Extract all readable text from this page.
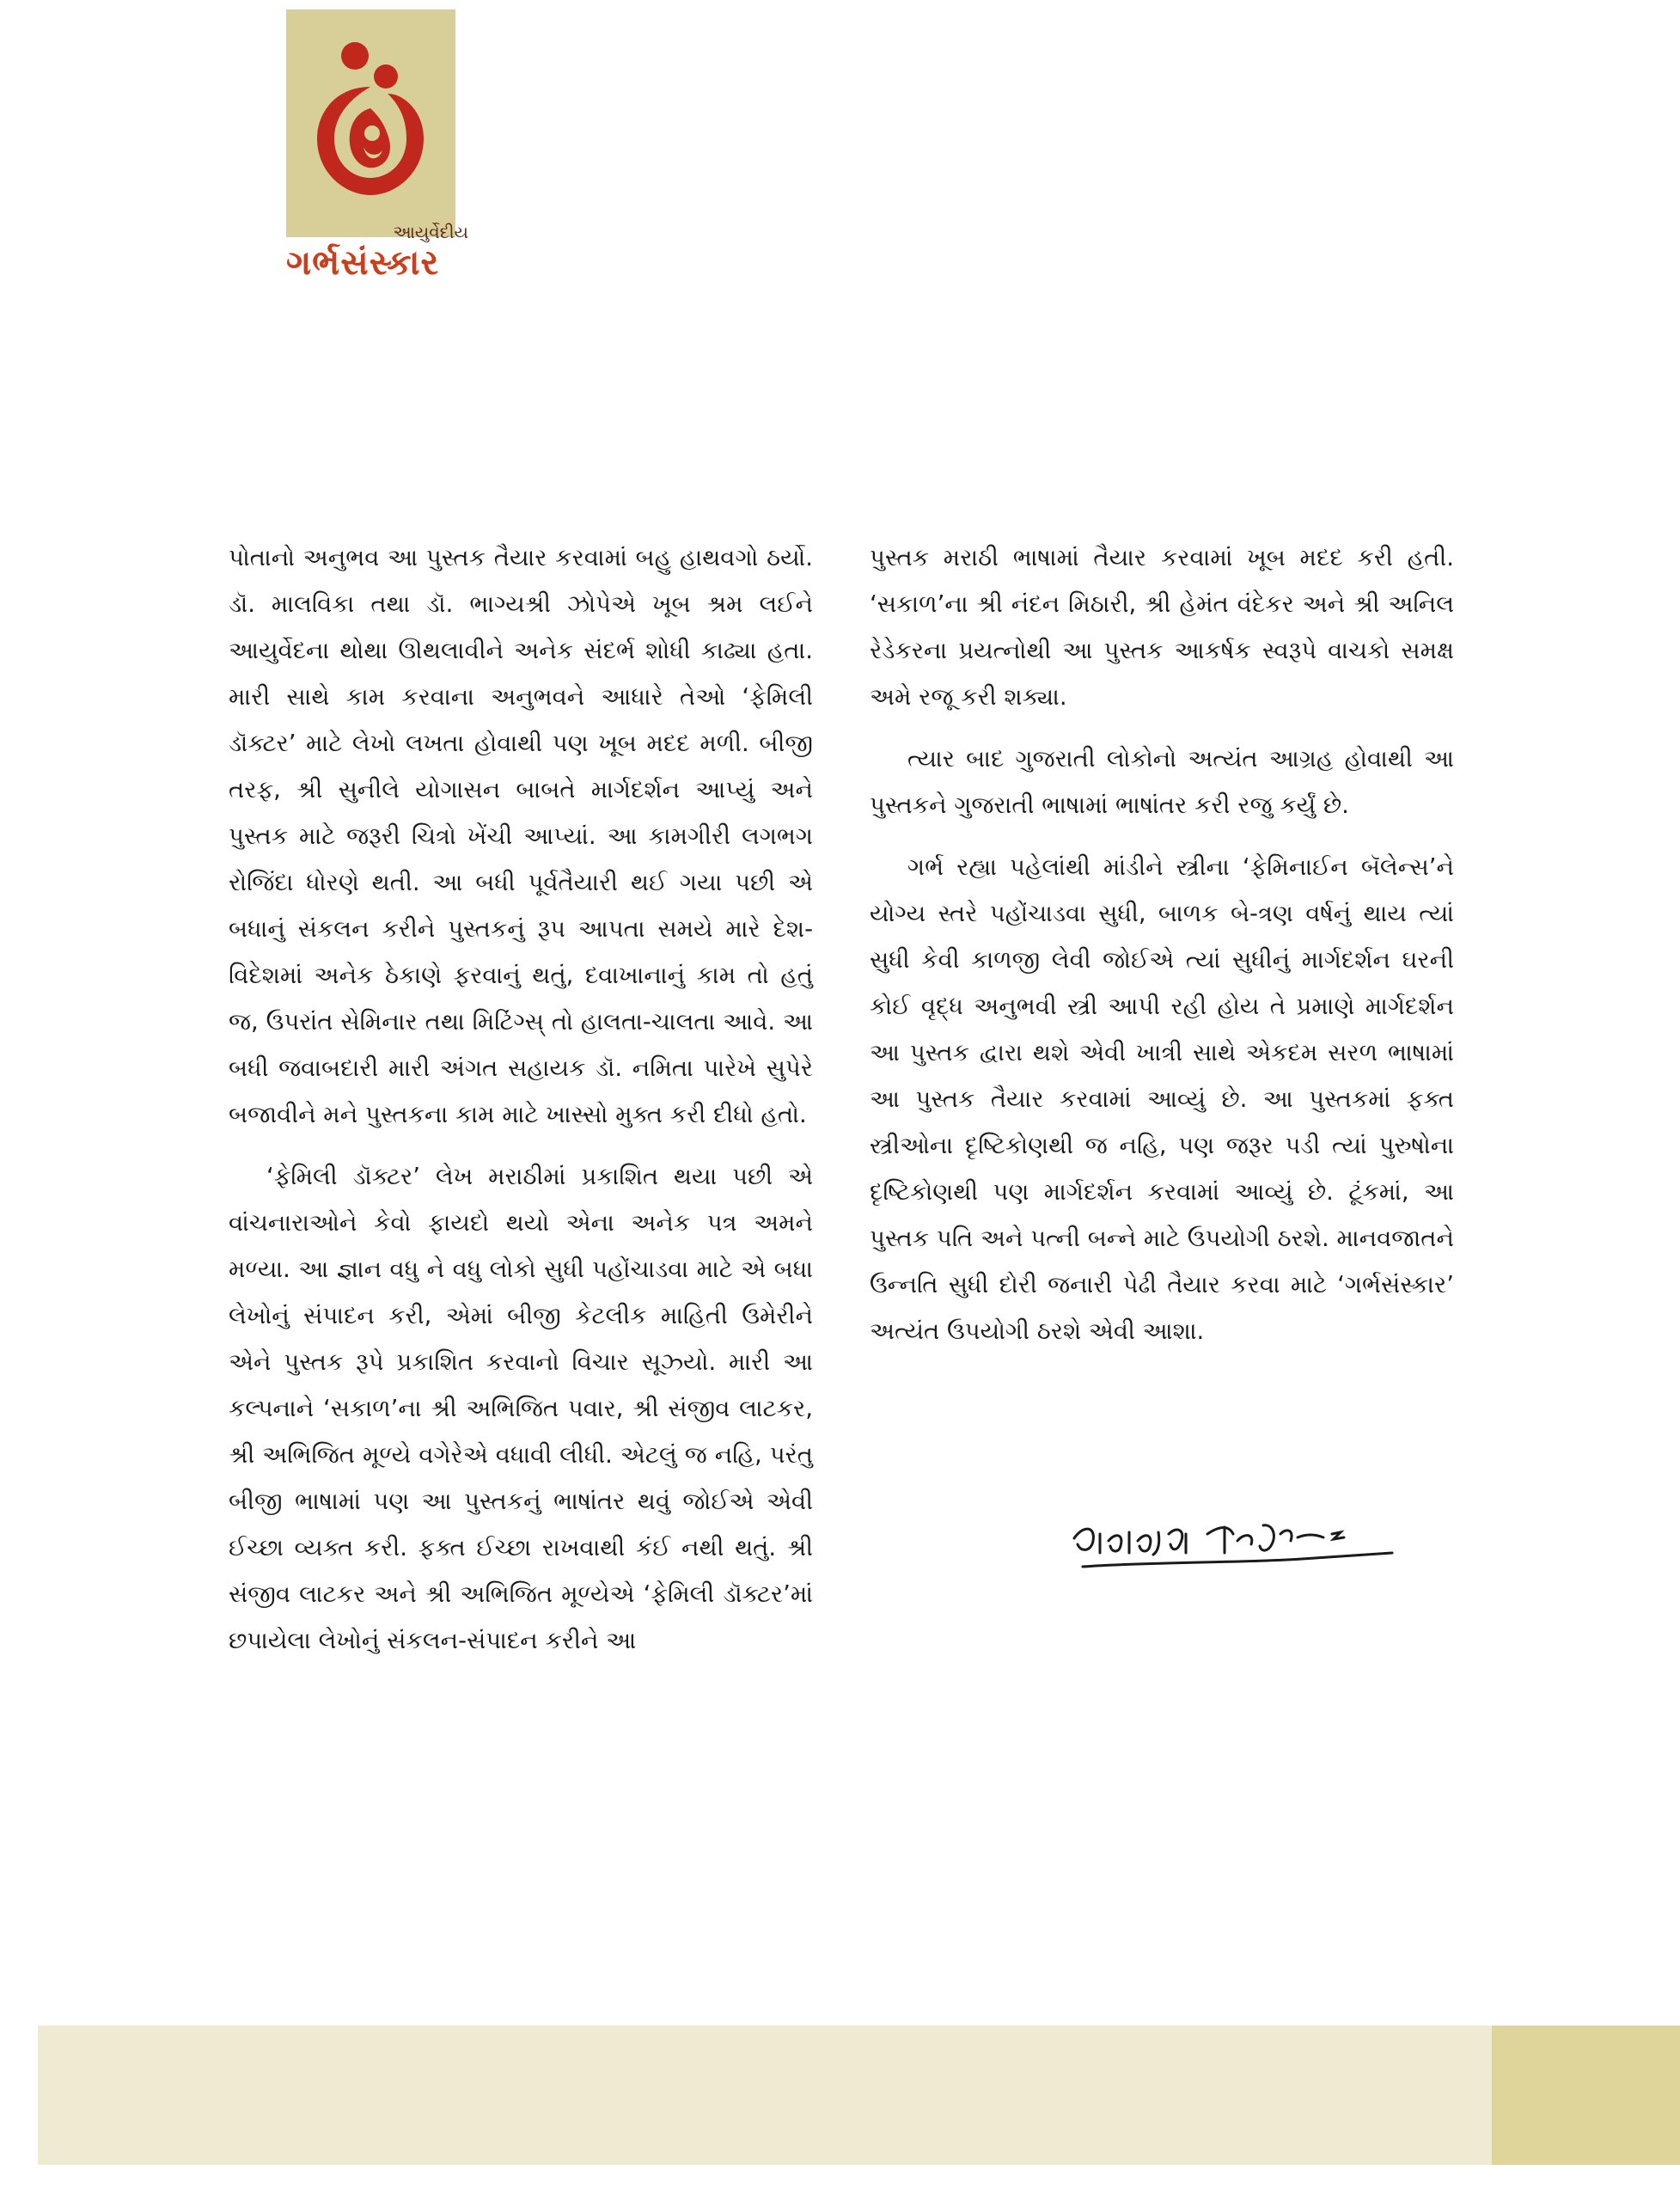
આયુર્વેદીય
ગર્ભસંસ્કાર

પોતાનો અનુભવ આ પુસ્તક તૈયાર કરવામાં બહુ હાથવગો ઠર્યો. ડૉ. માલવિકા તથા ડૉ. ભાગ્યશ્રી ઝોપેએ ખૂબ શ્રમ લઈને આયુર્વેદના થોથા ઊથલાવીને અનેક સંદર્ભ શોધી કાઢ્યા હતા. મારી સાથે કામ કરવાના અનુભવને આધારે તેઓ ‘ફેમિલી ડૉક્ટર’ માટે લેખો લખતા હોવાથી પણ ખૂબ મદદ મળી. બીજી તરફ, શ્રી સુનીલે યોગાસન બાબતે માર્ગદર્શન આપ્યું અને પુસ્તક માટે જરૂરી ચિત્રો ખેંચી આપ્યાં. આ કામગીરી લગભગ રોજિંદા ધોરણે થતી. આ બધી પૂર્વતૈયારી થઈ ગયા પછી એ બધાનું સંકલન કરીને પુસ્તકનું રૂપ આપતા સમયે મારે દેશ-વિદેશમાં અનેક ઠેકાણે ફરવાનું થતું, દવાખાનાનું કામ તો હતું જ, ઉપરાંત સેમિનાર તથા મિટિંગ્સ્ તો હાલતા-ચાલતા આવે. આ બધી જવાબદારી મારી અંગત સહાયક ડૉ. નમિતા પારેખે સુપેરે બજાવીને મને પુસ્તકના કામ માટે ખાસ્સો મુક્ત કરી દીધો હતો.

‘ફેમિલી ડૉક્ટર’ લેખ મરાઠીમાં પ્રકાશિત થયા પછી એ વાંચનારાઓને કેવો ફાયદો થયો એના અનેક પત્ર અમને મળ્યા. આ જ્ઞાન વધુ ને વધુ લોકો સુધી પહોંચાડવા માટે એ બધા લેખોનું સંપાદન કરી, એમાં બીજી કેટલીક માહિતી ઉમેરીને એને પુસ્તક રૂપે પ્રકાશિત કરવાનો વિચાર સૂઝ્યો. મારી આ કલ્પનાને ‘સકાળ’ના શ્રી અભિજિત પવાર, શ્રી સંજીવ લાટકર, શ્રી અભિજિત મૂળ્યે વગેરેએ વધાવી લીધી. એટલું જ નહિ, પરંતુ બીજી ભાષામાં પણ આ પુસ્તકનું ભાષાંતર થવું જોઈએ એવી ઈચ્છા વ્યક્ત કરી. ફક્ત ઈચ્છા રાખવાથી કંઈ નથી થતું. શ્રી સંજીવ લાટકર અને શ્રી અભિજિત મૂળ્યેએ ‘ફેમિલી ડૉક્ટર’માં છપાયેલા લેખોનું સંકલન-સંપાદન કરીને આ

પુસ્તક મરાઠી ભાષામાં તૈયાર કરવામાં ખૂબ મદદ કરી હતી. ‘સકાળ’ના શ્રી નંદન મિઠારી, શ્રી હેમંત વંદેકર અને શ્રી અનિલ રેડેકરના પ્રયત્નોથી આ પુસ્તક આકર્ષક સ્વરૂપે વાચકો સમક્ષ અમે રજૂ કરી શક્યા.

ત્યાર બાદ ગુજરાતી લોકોનો અત્યંત આગ્રહ હોવાથી આ પુસ્તકને ગુજરાતી ભાષામાં ભાષાંતર કરી રજુ કર્યું છે.

ગર્ભ રહ્યા પહેલાંથી માંડીને સ્ત્રીના ‘ફેમિનાઈન બૅલેન્સ’ને યોગ્ય સ્તરે પહોંચાડવા સુધી, બાળક બે-ત્રણ વર્ષનું થાય ત્યાં સુધી કેવી કાળજી લેવી જોઈએ ત્યાં સુધીનું માર્ગદર્શન ઘરની કોઈ વૃદ્ધ અનુભવી સ્ત્રી આપી રહી હોય તે પ્રમાણે માર્ગદર્શન આ પુસ્તક દ્વારા થશે એવી ખાત્રી સાથે એકદમ સરળ ભાષામાં આ પુસ્તક તૈયાર કરવામાં આવ્યું છે. આ પુસ્તકમાં ફક્ત સ્ત્રીઓના દૃષ્ટિકોણથી જ નહિ, પણ જરૂર પડી ત્યાં પુરુષોના દૃષ્ટિકોણથી પણ માર્ગદર્શન કરવામાં આવ્યું છે. ટૂંકમાં, આ પુસ્તક પતિ અને પત્ની બન્ને માટે ઉપયોગી ઠરશે. માનવજાતને ઉન્નતિ સુધી દોરી જનારી પેઢી તૈયાર કરવા માટે ‘ગર્ભસંસ્કાર’ અત્યંત ઉપયોગી ઠરશે એવી આશા.
